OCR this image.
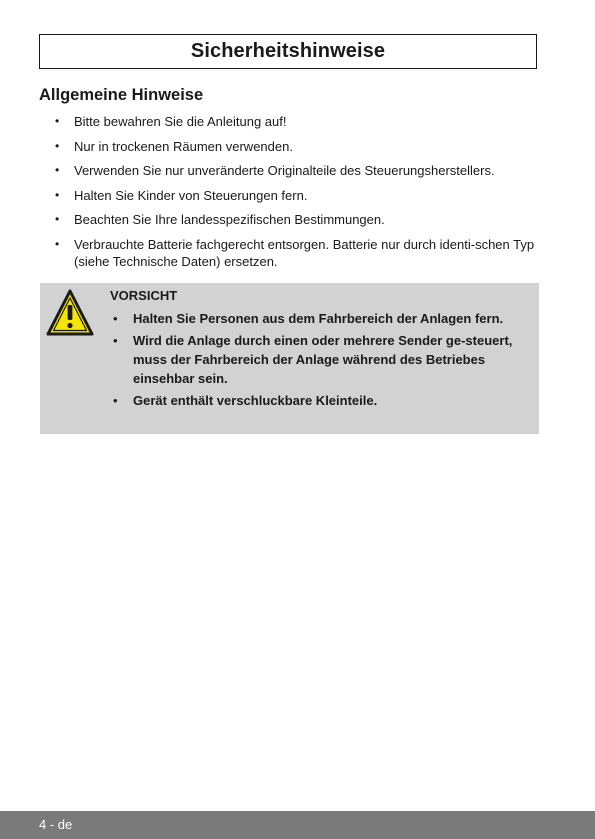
Sicherheitshinweise
Allgemeine Hinweise
• Bitte bewahren Sie die Anleitung auf!
• Nur in trockenen Räumen verwenden.
• Verwenden Sie nur unveränderte Originalteile des Steuerungsherstellers.
• Halten Sie Kinder von Steuerungen fern.
• Beachten Sie Ihre landesspezifischen Bestimmungen.
• Verbrauchte Batterie fachgerecht entsorgen. Batterie nur durch identi-schen Typ (siehe Technische Daten) ersetzen.
VORSICHT
• Halten Sie Personen aus dem Fahrbereich der Anlagen fern.
• Wird die Anlage durch einen oder mehrere Sender ge-steuert, muss der Fahrbereich der Anlage während des Betriebes einsehbar sein.
• Gerät enthält verschluckbare Kleinteile.
4 - de
